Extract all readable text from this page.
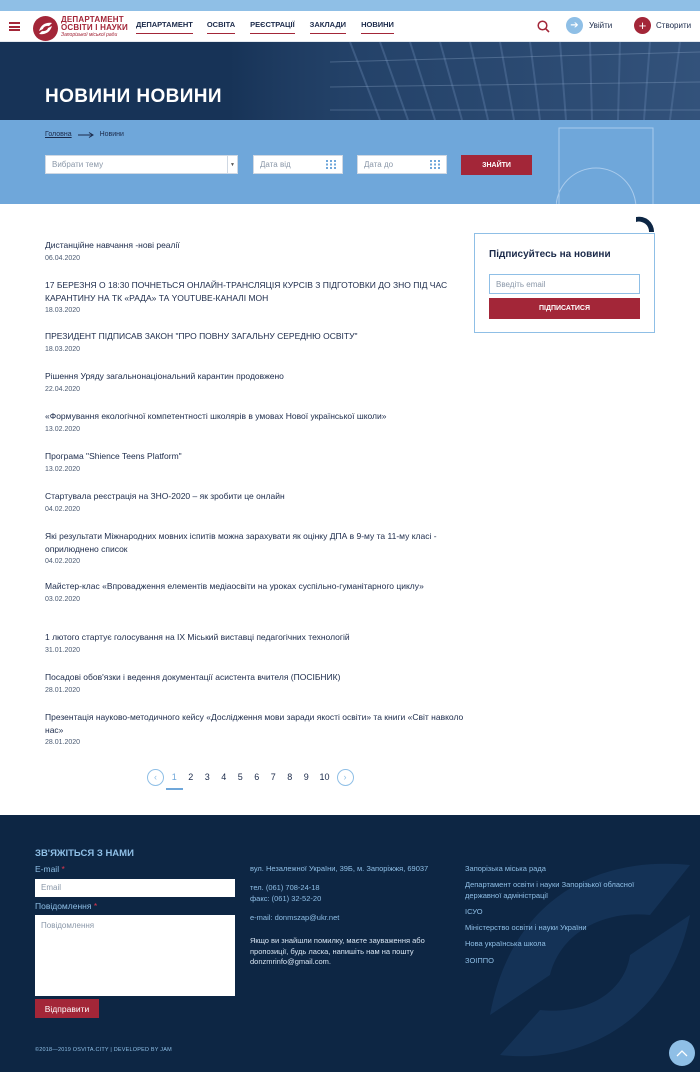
ДЕПАРТАМЕНТ
ОСВІТИ І НАУКИ
Запорізької міської ради
ДЕПАРТАМЕНТ ОСВІТА РЕЄСТРАЦІЇ ЗАКЛАДИ НОВИНИ	➔	Увійти	+	Створити
НОВИНИ НОВИНИ
Головна	Новини
Вибрати тему	▼	Дата від	Дата до	ЗНАЙТИ
Дистанційне навчання -нові реалії
06.04.2020
17 БЕРЕЗНЯ О 18:30 ПОЧНЕТЬСЯ ОНЛАЙН-ТРАНСЛЯЦІЯ КУРСІВ З ПІДГОТОВКИ ДО ЗНО ПІД ЧАС КАРАНТИНУ НА ТК «РАДА» ТА YOUTUBE-КАНАЛІ МОН
18.03.2020
ПРЕЗИДЕНТ ПІДПИСАВ ЗАКОН "ПРО ПОВНУ ЗАГАЛЬНУ СЕРЕДНЮ ОСВІТУ"
18.03.2020
Рішення Уряду загальнонаціональний карантин продовжено
22.04.2020
«Формування екологічної компетентності школярів в умовах Нової української школи»
13.02.2020
Програма "Shience Teens Platform"
13.02.2020
Стартувала реєстрація на ЗНО-2020 – як зробити це онлайн
04.02.2020
Які результати Міжнародних мовних іспитів можна зарахувати як оцінку ДПА в 9-му та 11-му класі - оприлюднено список
04.02.2020
Майстер-клас «Впровадження елементів медіаосвіти на уроках суспільно-гуманітарного циклу»
03.02.2020
1 лютого стартує голосування на IX Міський виставці педагогічних технологій
31.01.2020
Посадові обов'язки і ведення документації асистента вчителя (ПОСІБНИК)
28.01.2020
Презентація науково-методичного кейсу «Дослідження мови заради якості освіти» та книги «Світ навколо нас»
28.01.2020
Підписуйтесь на новини
Введіть email
ПІДПИСАТИСЯ
‹	1	2	3	4	5	6	7	8	9	10	›
ЗВ'ЯЖІТЬСЯ З НАМИ
E-mail *
Email
Повідомлення *
Повідомлення
Відправити
вул. Незалежної України, 39Б, м. Запоріжжя, 69037
тел. (061) 708-24-18
факс: (061) 32-52-20
e-mail: donmszap@ukr.net
Якщо ви знайшли помилку, маєте зауваження або пропозиції, будь ласка, напишіть нам на пошту donzmrinfo@gmail.com.
Запорізька міська рада
Департамент освіти і науки Запорізької обласної державної адміністрації
ІСУО
Міністерство освіти і науки України
Нова українська школа
ЗОІППО
©2018—2019 OSVITA.CITY | DEVELOPED BY JAM
